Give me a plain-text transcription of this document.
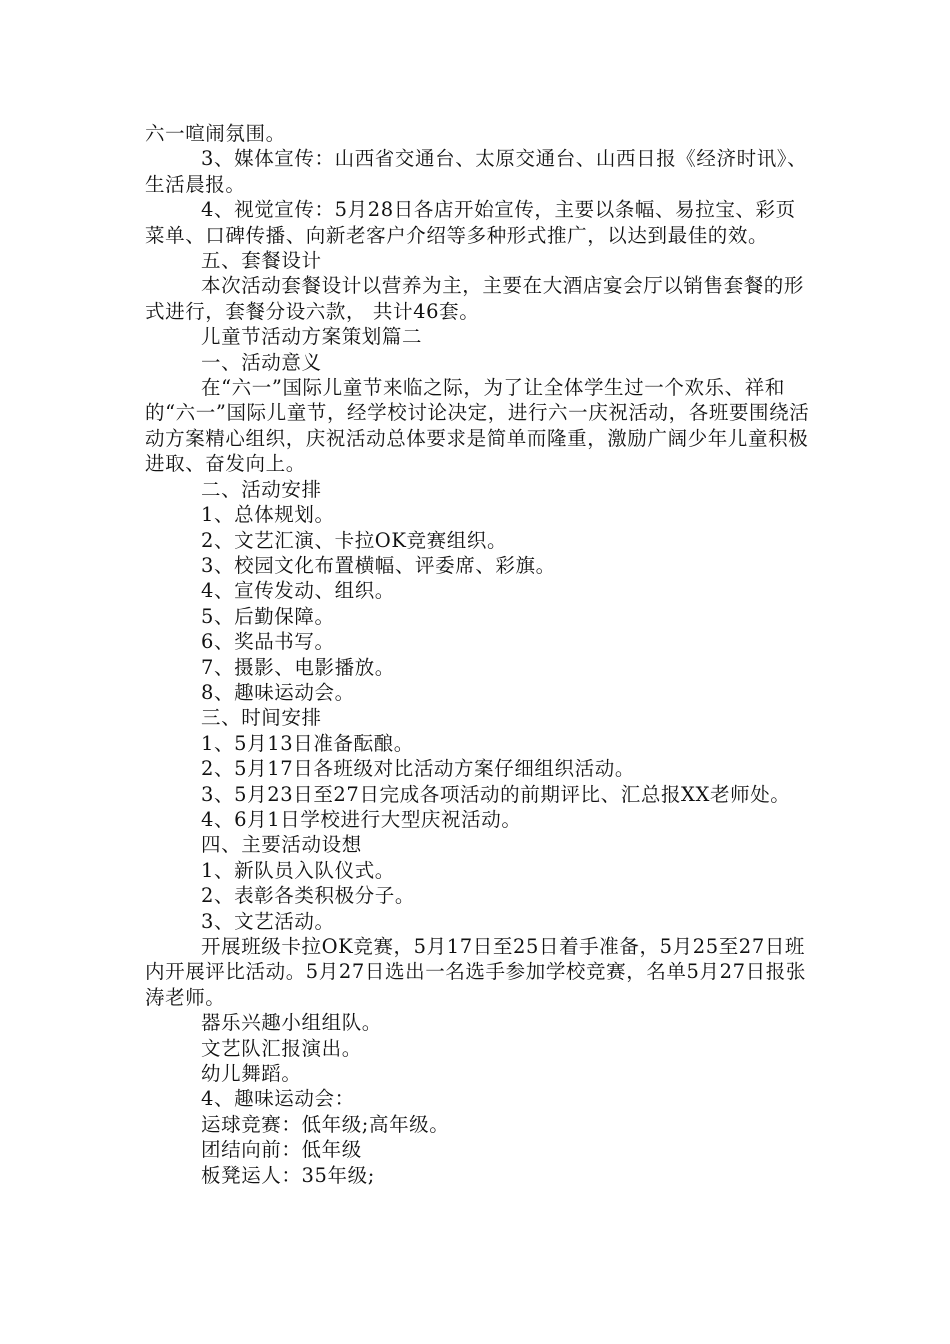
六一喧闹氛围。

3、媒体宣传：山西省交通台、太原交通台、山西日报《经济时讯》、生活晨报。

4、视觉宣传：5月28日各店开始宣传，主要以条幅、易拉宝、彩页菜单、口碑传播、向新老客户介绍等多种形式推广，以达到最佳的效。

五、套餐设计

本次活动套餐设计以营养为主，主要在大酒店宴会厅以销售套餐的形式进行，套餐分设六款， 共计46套。

儿童节活动方案策划篇二

一、活动意义

在“六一”国际儿童节来临之际，为了让全体学生过一个欢乐、祥和的“六一”国际儿童节，经学校讨论决定，进行六一庆祝活动，各班要围绕活动方案精心组织，庆祝活动总体要求是简单而隆重，激励广阔少年儿童积极进取、奋发向上。

二、活动安排

1、总体规划。

2、文艺汇演、卡拉OK竞赛组织。

3、校园文化布置横幅、评委席、彩旗。

4、宣传发动、组织。

5、后勤保障。

6、奖品书写。

7、摄影、电影播放。

8、趣味运动会。

三、时间安排

1、5月13日准备酝酿。

2、5月17日各班级对比活动方案仔细组织活动。

3、5月23日至27日完成各项活动的前期评比、汇总报XX老师处。

4、6月1日学校进行大型庆祝活动。

四、主要活动设想

1、新队员入队仪式。

2、表彰各类积极分子。

3、文艺活动。

开展班级卡拉OK竞赛，5月17日至25日着手准备，5月25至27日班内开展评比活动。5月27日选出一名选手参加学校竞赛，名单5月27日报张涛老师。

器乐兴趣小组组队。

文艺队汇报演出。

幼儿舞蹈。

4、趣味运动会：

运球竞赛：低年级;高年级。

团结向前：低年级

板凳运人：35年级;
